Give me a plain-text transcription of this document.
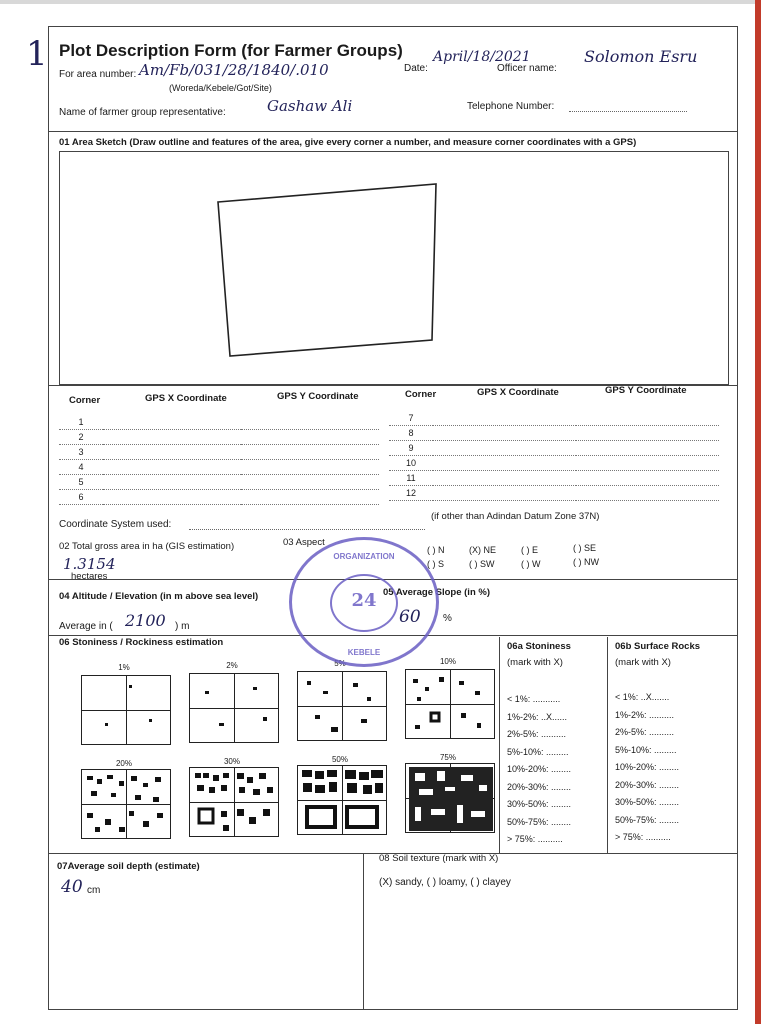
1 Plot Description Form (for Farmer Groups)
For area number: Am/Fb/031/28/1840/.010
(Woreda/Kebele/Got/Site)
Date:
April/18/2021
Officer name:
Solomon Esru
Name of farmer group representative:	Gashaw Ali	Telephone Number:
01 Area Sketch (Draw outline and features of the area, give every corner a number, and measure corner coordinates with a GPS)
Corner	GPS X Coordinate	GPS Y Coordinate	Corner	GPS X Coordinate	GPS Y Coordinate
1		
2		
3		
4		
5		
6		
7		
8		
9		
10		
11		
12		
Coordinate System used:
(if other than Adindan Datum Zone 37N)
02 Total gross area in ha (GIS estimation)
1.3154
hectares
03 Aspect
( ) N	(X) NE	( ) E	( ) SE
( ) S	( ) SW	( ) W	( ) NW
04 Altitude / Elevation (in m above sea level)
Average in ( 2100 ) m
05 Average Slope (in %)
60 %
06 Stoniness / Rockiness estimation
1%	2%	5%	10%
20%	30%	50%	75%
06a Stoniness
(mark with X)
06b Surface Rocks
(mark with X)
< 1%: ...........
1%-2%: ..X......
2%-5%: ..........
5%-10%: .........
10%-20%: ........
20%-30%: ........
30%-50%: ........
50%-75%: ........
> 75%: ..........
< 1%: ..X.......
1%-2%: ..........
2%-5%: ..........
5%-10%: .........
10%-20%: ........
20%-30%: ........
30%-50%: ........
50%-75%: ........
> 75%: ..........
07Average soil depth (estimate)
40 cm
08 Soil texture (mark with X)
(X) sandy, ( ) loamy, ( ) clayey
ORGANIZATION
24
KEBELE
